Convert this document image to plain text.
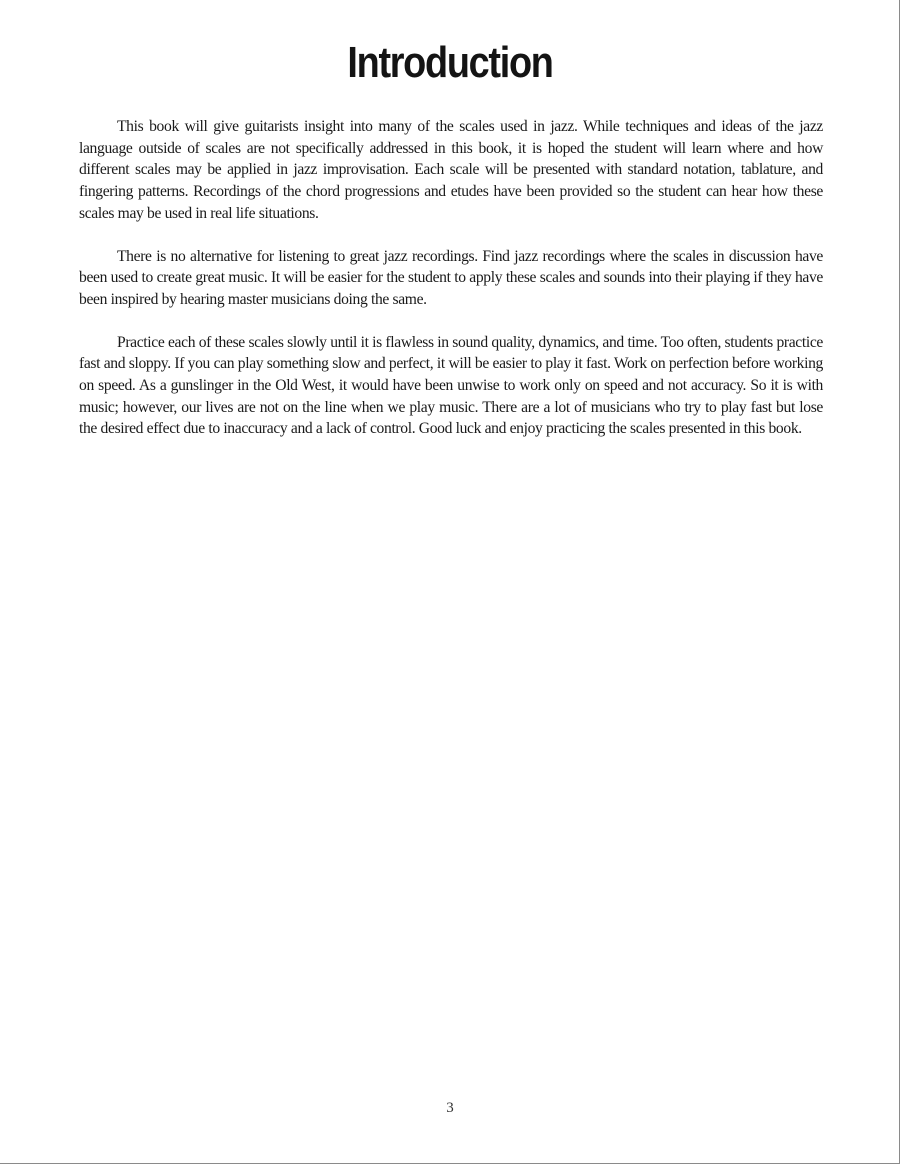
Introduction

This book will give guitarists insight into many of the scales used in jazz. While techniques and ideas of the jazz language outside of scales are not specifically addressed in this book, it is hoped the student will learn where and how different scales may be applied in jazz improvisation. Each scale will be presented with standard notation, tablature, and fingering patterns. Recordings of the chord progressions and etudes have been provided so the student can hear how these scales may be used in real life situations.

There is no alternative for listening to great jazz recordings. Find jazz recordings where the scales in discussion have been used to create great music. It will be easier for the student to apply these scales and sounds into their playing if they have been inspired by hearing master musicians doing the same.

Practice each of these scales slowly until it is flawless in sound quality, dynamics, and time. Too often, students practice fast and sloppy. If you can play something slow and perfect, it will be easier to play it fast. Work on perfection before working on speed. As a gunslinger in the Old West, it would have been unwise to work only on speed and not accuracy. So it is with music; however, our lives are not on the line when we play music. There are a lot of musicians who try to play fast but lose the desired effect due to inaccuracy and a lack of control. Good luck and enjoy practicing the scales presented in this book.

3
